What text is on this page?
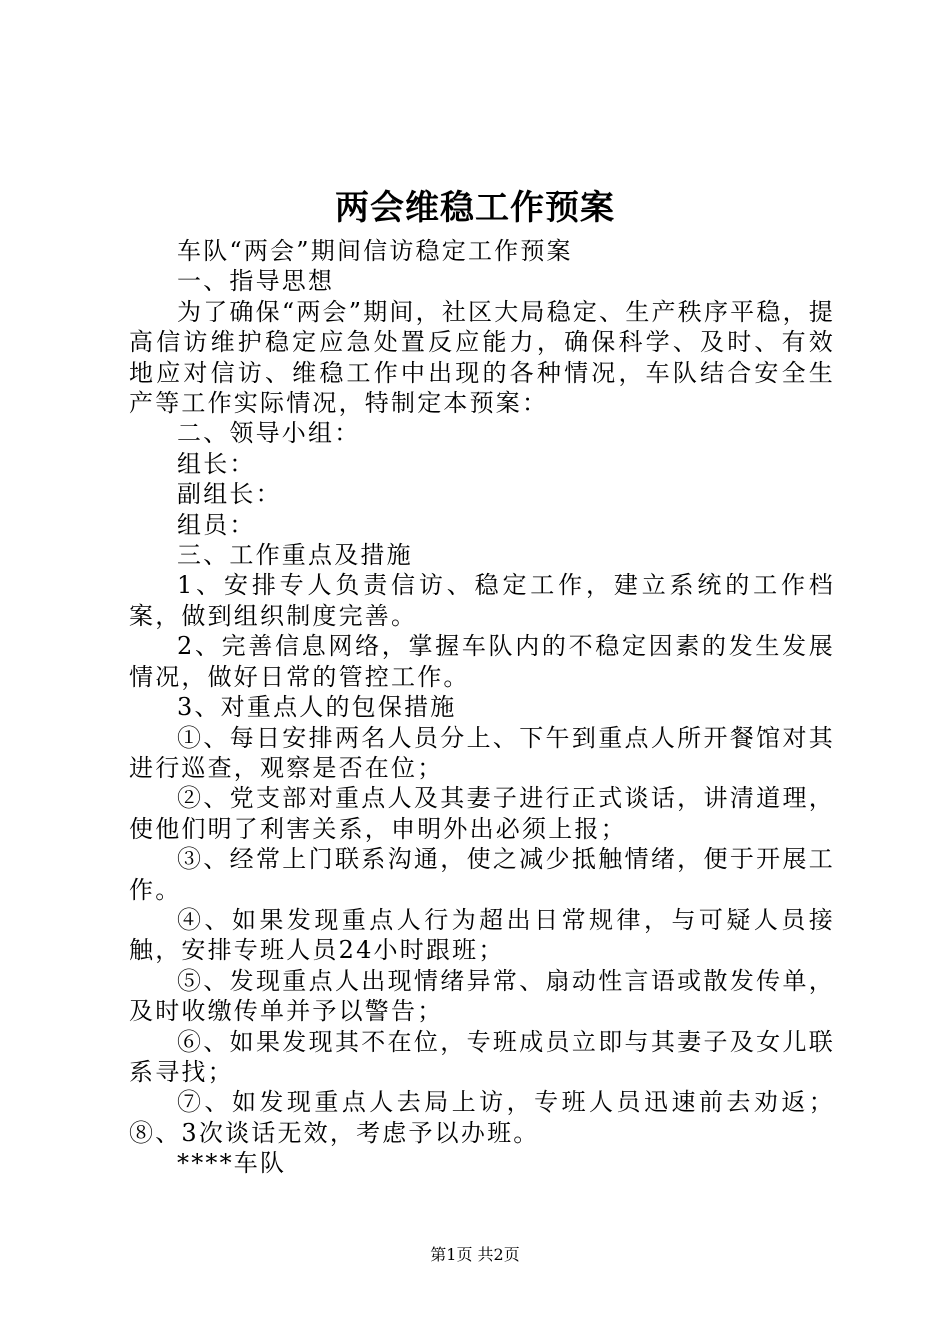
两会维稳工作预案

车队“两会”期间信访稳定工作预案

一、指导思想

为了确保“两会”期间，社区大局稳定、生产秩序平稳，提高信访维护稳定应急处置反应能力，确保科学、及时、有效地应对信访、维稳工作中出现的各种情况，车队结合安全生产等工作实际情况，特制定本预案：

二、领导小组：

组长：

副组长：

组员：

三、工作重点及措施

1、安排专人负责信访、稳定工作，建立系统的工作档案，做到组织制度完善。

2、完善信息网络，掌握车队内的不稳定因素的发生发展情况，做好日常的管控工作。

3、对重点人的包保措施

①、每日安排两名人员分上、下午到重点人所开餐馆对其进行巡查，观察是否在位；

②、党支部对重点人及其妻子进行正式谈话，讲清道理，使他们明了利害关系，申明外出必须上报；

③、经常上门联系沟通，使之减少抵触情绪，便于开展工作。

④、如果发现重点人行为超出日常规律，与可疑人员接触，安排专班人员24小时跟班；

⑤、发现重点人出现情绪异常、扇动性言语或散发传单，及时收缴传单并予以警告；

⑥、如果发现其不在位，专班成员立即与其妻子及女儿联系寻找；

⑦、如发现重点人去局上访，专班人员迅速前去劝返；⑧、3次谈话无效，考虑予以办班。

****车队

第1页 共2页
